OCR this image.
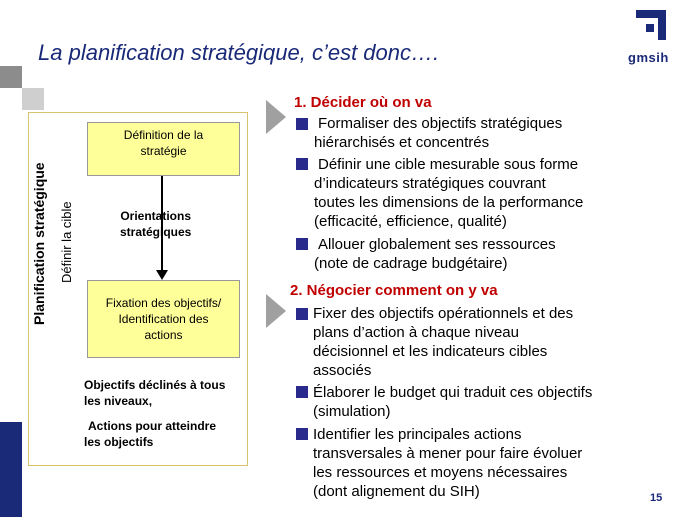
gmsih
La planification stratégique, c’est donc….
Planification stratégique Définir la cible
Définition de la
stratégie
Orientations
stratégiques
Fixation des objectifs/
Identification des
actions
Objectifs déclinés à tous
les niveaux,
Actions pour atteindre
les objectifs
1. Décider où on va
Formaliser des objectifs stratégiques
hiérarchisés et concentrés
Définir une cible mesurable sous forme
d’indicateurs stratégiques couvrant
toutes les dimensions de la performance
(efficacité, efficience, qualité)
Allouer globalement ses ressources
(note de cadrage budgétaire)
2. Négocier comment on y va
Fixer des objectifs opérationnels et des
plans d’action à chaque niveau
décisionnel et les indicateurs cibles
associés
Élaborer le budget qui traduit ces objectifs
(simulation)
Identifier les principales actions
transversales à mener pour faire évoluer
les ressources et moyens nécessaires
(dont alignement du SIH)	15
